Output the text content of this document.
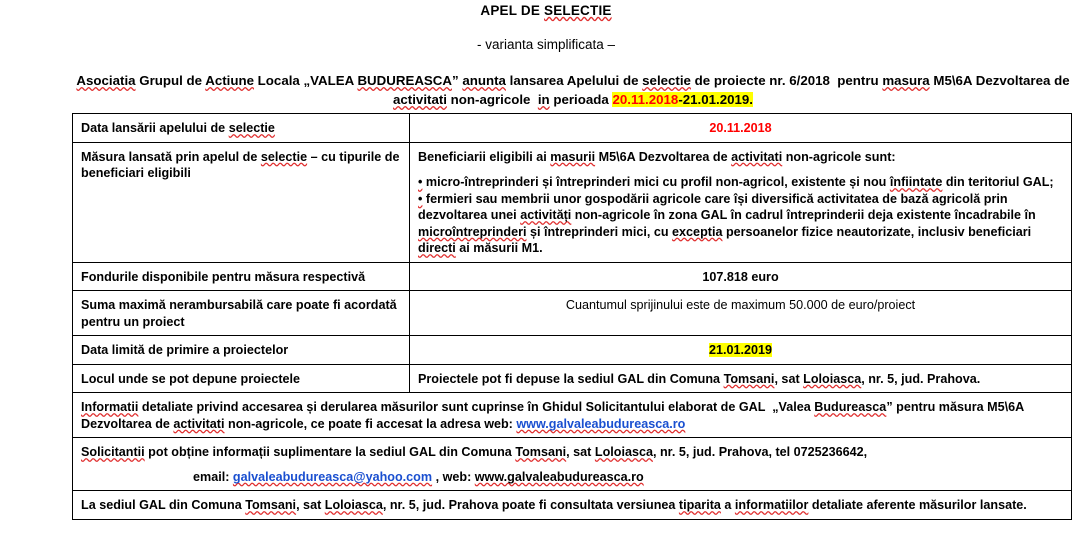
APEL DE SELECTIE
- varianta simplificata –
Asociatia Grupul de Actiune Locala „VALEA BUDUREASCA” anunta lansarea Apelului de selectie de proiecte nr. 6/2018  pentru masura M5\6A Dezvoltarea de activitati non-agricole  in perioada 20.11.2018-21.01.2019.
Data lansării apelului de selectie	20.11.2018
Măsura lansată prin apelul de selectie – cu tipurile de beneficiari eligibili	Beneficiarii eligibili ai masurii M5\6A Dezvoltarea de activitati non-agricole sunt:
• micro-întreprinderi și întreprinderi mici cu profil non-agricol, existente și nou înfiintate din teritoriul GAL;
• fermieri sau membrii unor gospodării agricole care își diversifică activitatea de bază agricolă prin dezvoltarea unei activități non-agricole în zona GAL în cadrul întreprinderii deja existente încadrabile în microîntreprinderi și întreprinderi mici, cu exceptia persoanelor fizice neautorizate, inclusiv beneficiari directi ai măsurii M1.

Fondurile disponibile pentru măsura respectivă	107.818 euro
Suma maximă nerambursabilă care poate fi acordată pentru un proiect	Cuantumul sprijinului este de maximum 50.000 de euro/proiect
Data limită de primire a proiectelor	21.01.2019
Locul unde se pot depune proiectele	Proiectele pot fi depuse la sediul GAL din Comuna Tomsani, sat Loloiasca, nr. 5, jud. Prahova.
Informatii detaliate privind accesarea și derularea măsurilor sunt cuprinse în Ghidul Solicitantului elaborat de GAL  „Valea Budureasca” pentru măsura M5\6A Dezvoltarea de activitati non-agricole, ce poate fi accesat la adresa web: www.galvaleabudureasca.ro	

Solicitantii pot obține informații suplimentare la sediul GAL din Comuna Tomsani, sat Loloiasca, nr. 5, jud. Prahova, tel 0725236642,
email: galvaleabudureasca@yahoo.com , web: www.galvaleabudureasca.ro	

La sediul GAL din Comuna Tomsani, sat Loloiasca, nr. 5, jud. Prahova poate fi consultata versiunea tiparita a informatiilor detaliate aferente măsurilor lansate.	
